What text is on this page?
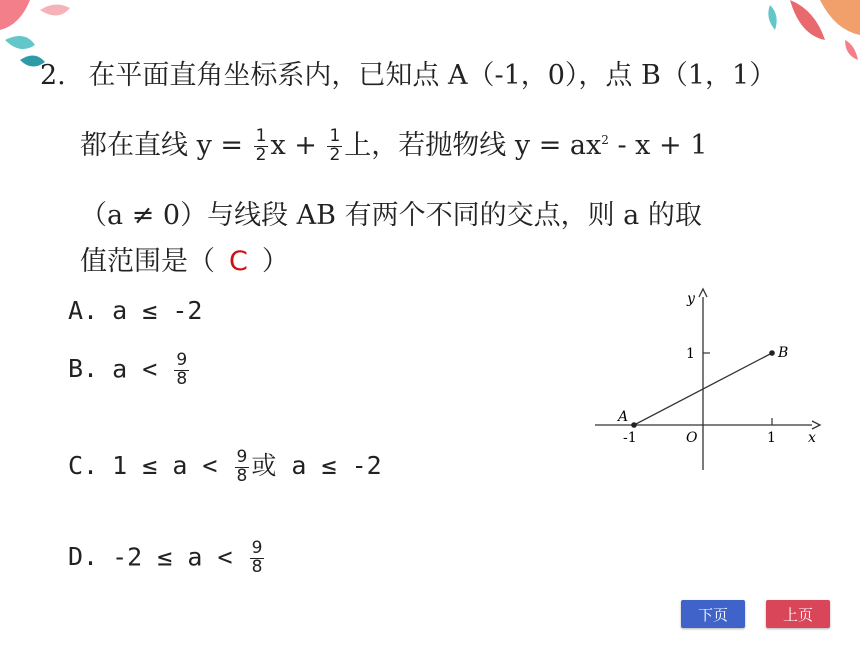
2. 在平面直角坐标系内，已知点 A（-1，0），点 B（1，1）
都在直线 $y = \frac{1}{2}$ $x + \frac{1}{2}$ 上，若抛物线 $y = ax^2 - x + 1$
（a ≠ 0）与线段 AB 有两个不同的交点，则 a 的取
值范围是（ C ）
A. a ≤ -2
B. $a < \frac{9}{8}$
C. $1 \le a < \frac{9}{8}$ 或 a ≤ -2
D. $-2 \le a < \frac{9}{8}$
y
x
O
1
1
-1
A
B
下页	上页
